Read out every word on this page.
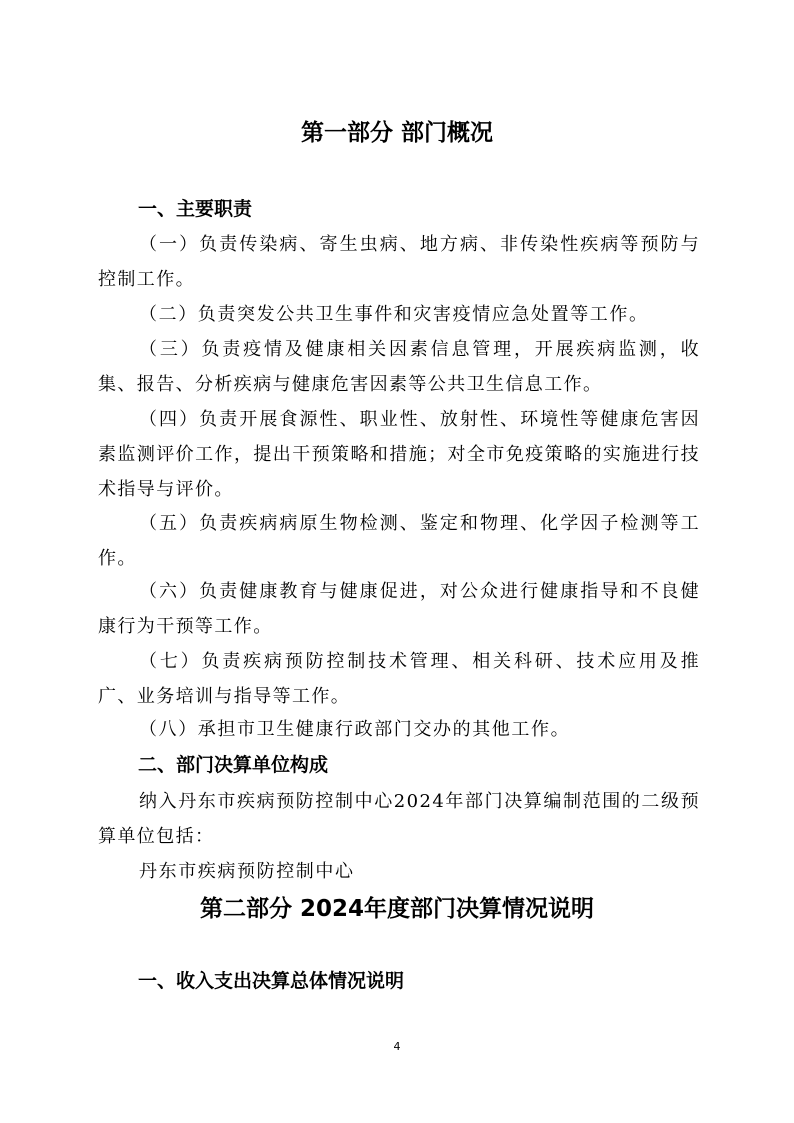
第一部分 部门概况
一、主要职责

（一）负责传染病、寄生虫病、地方病、非传染性疾病等预防与控制工作。

（二）负责突发公共卫生事件和灾害疫情应急处置等工作。

（三）负责疫情及健康相关因素信息管理，开展疾病监测，收集、报告、分析疾病与健康危害因素等公共卫生信息工作。

（四）负责开展食源性、职业性、放射性、环境性等健康危害因素监测评价工作，提出干预策略和措施；对全市免疫策略的实施进行技术指导与评价。

（五）负责疾病病原生物检测、鉴定和物理、化学因子检测等工作。

（六）负责健康教育与健康促进，对公众进行健康指导和不良健康行为干预等工作。

（七）负责疾病预防控制技术管理、相关科研、技术应用及推广、业务培训与指导等工作。

（八）承担市卫生健康行政部门交办的其他工作。

二、部门决算单位构成

纳入丹东市疾病预防控制中心2024年部门决算编制范围的二级预算单位包括：

丹东市疾病预防控制中心

第二部分 2024年度部门决算情况说明
一、收入支出决算总体情况说明
4
